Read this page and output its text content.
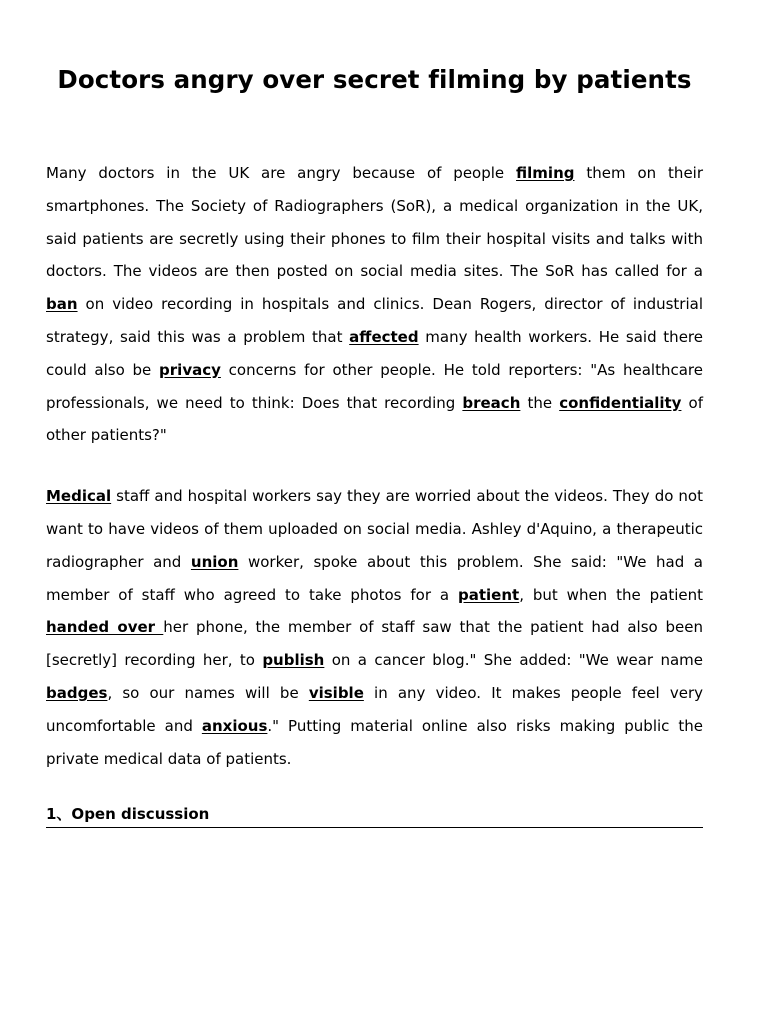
Doctors angry over secret filming by patients

Many doctors in the UK are angry because of people filming them on their smartphones. The Society of Radiographers (SoR), a medical organization in the UK, said patients are secretly using their phones to film their hospital visits and talks with doctors. The videos are then posted on social media sites. The SoR has called for a ban on video recording in hospitals and clinics. Dean Rogers, director of industrial strategy, said this was a problem that affected many health workers. He said there could also be privacy concerns for other people. He told reporters: "As healthcare professionals, we need to think: Does that recording breach the confidentiality of other patients?"

Medical staff and hospital workers say they are worried about the videos. They do not want to have videos of them uploaded on social media. Ashley d'Aquino, a therapeutic radiographer and union worker, spoke about this problem. She said: "We had a member of staff who agreed to take photos for a patient, but when the patient handed over her phone, the member of staff saw that the patient had also been [secretly] recording her, to publish on a cancer blog." She added: "We wear name badges, so our names will be visible in any video. It makes people feel very uncomfortable and anxious." Putting material online also risks making public the private medical data of patients.

1、Open discussion
